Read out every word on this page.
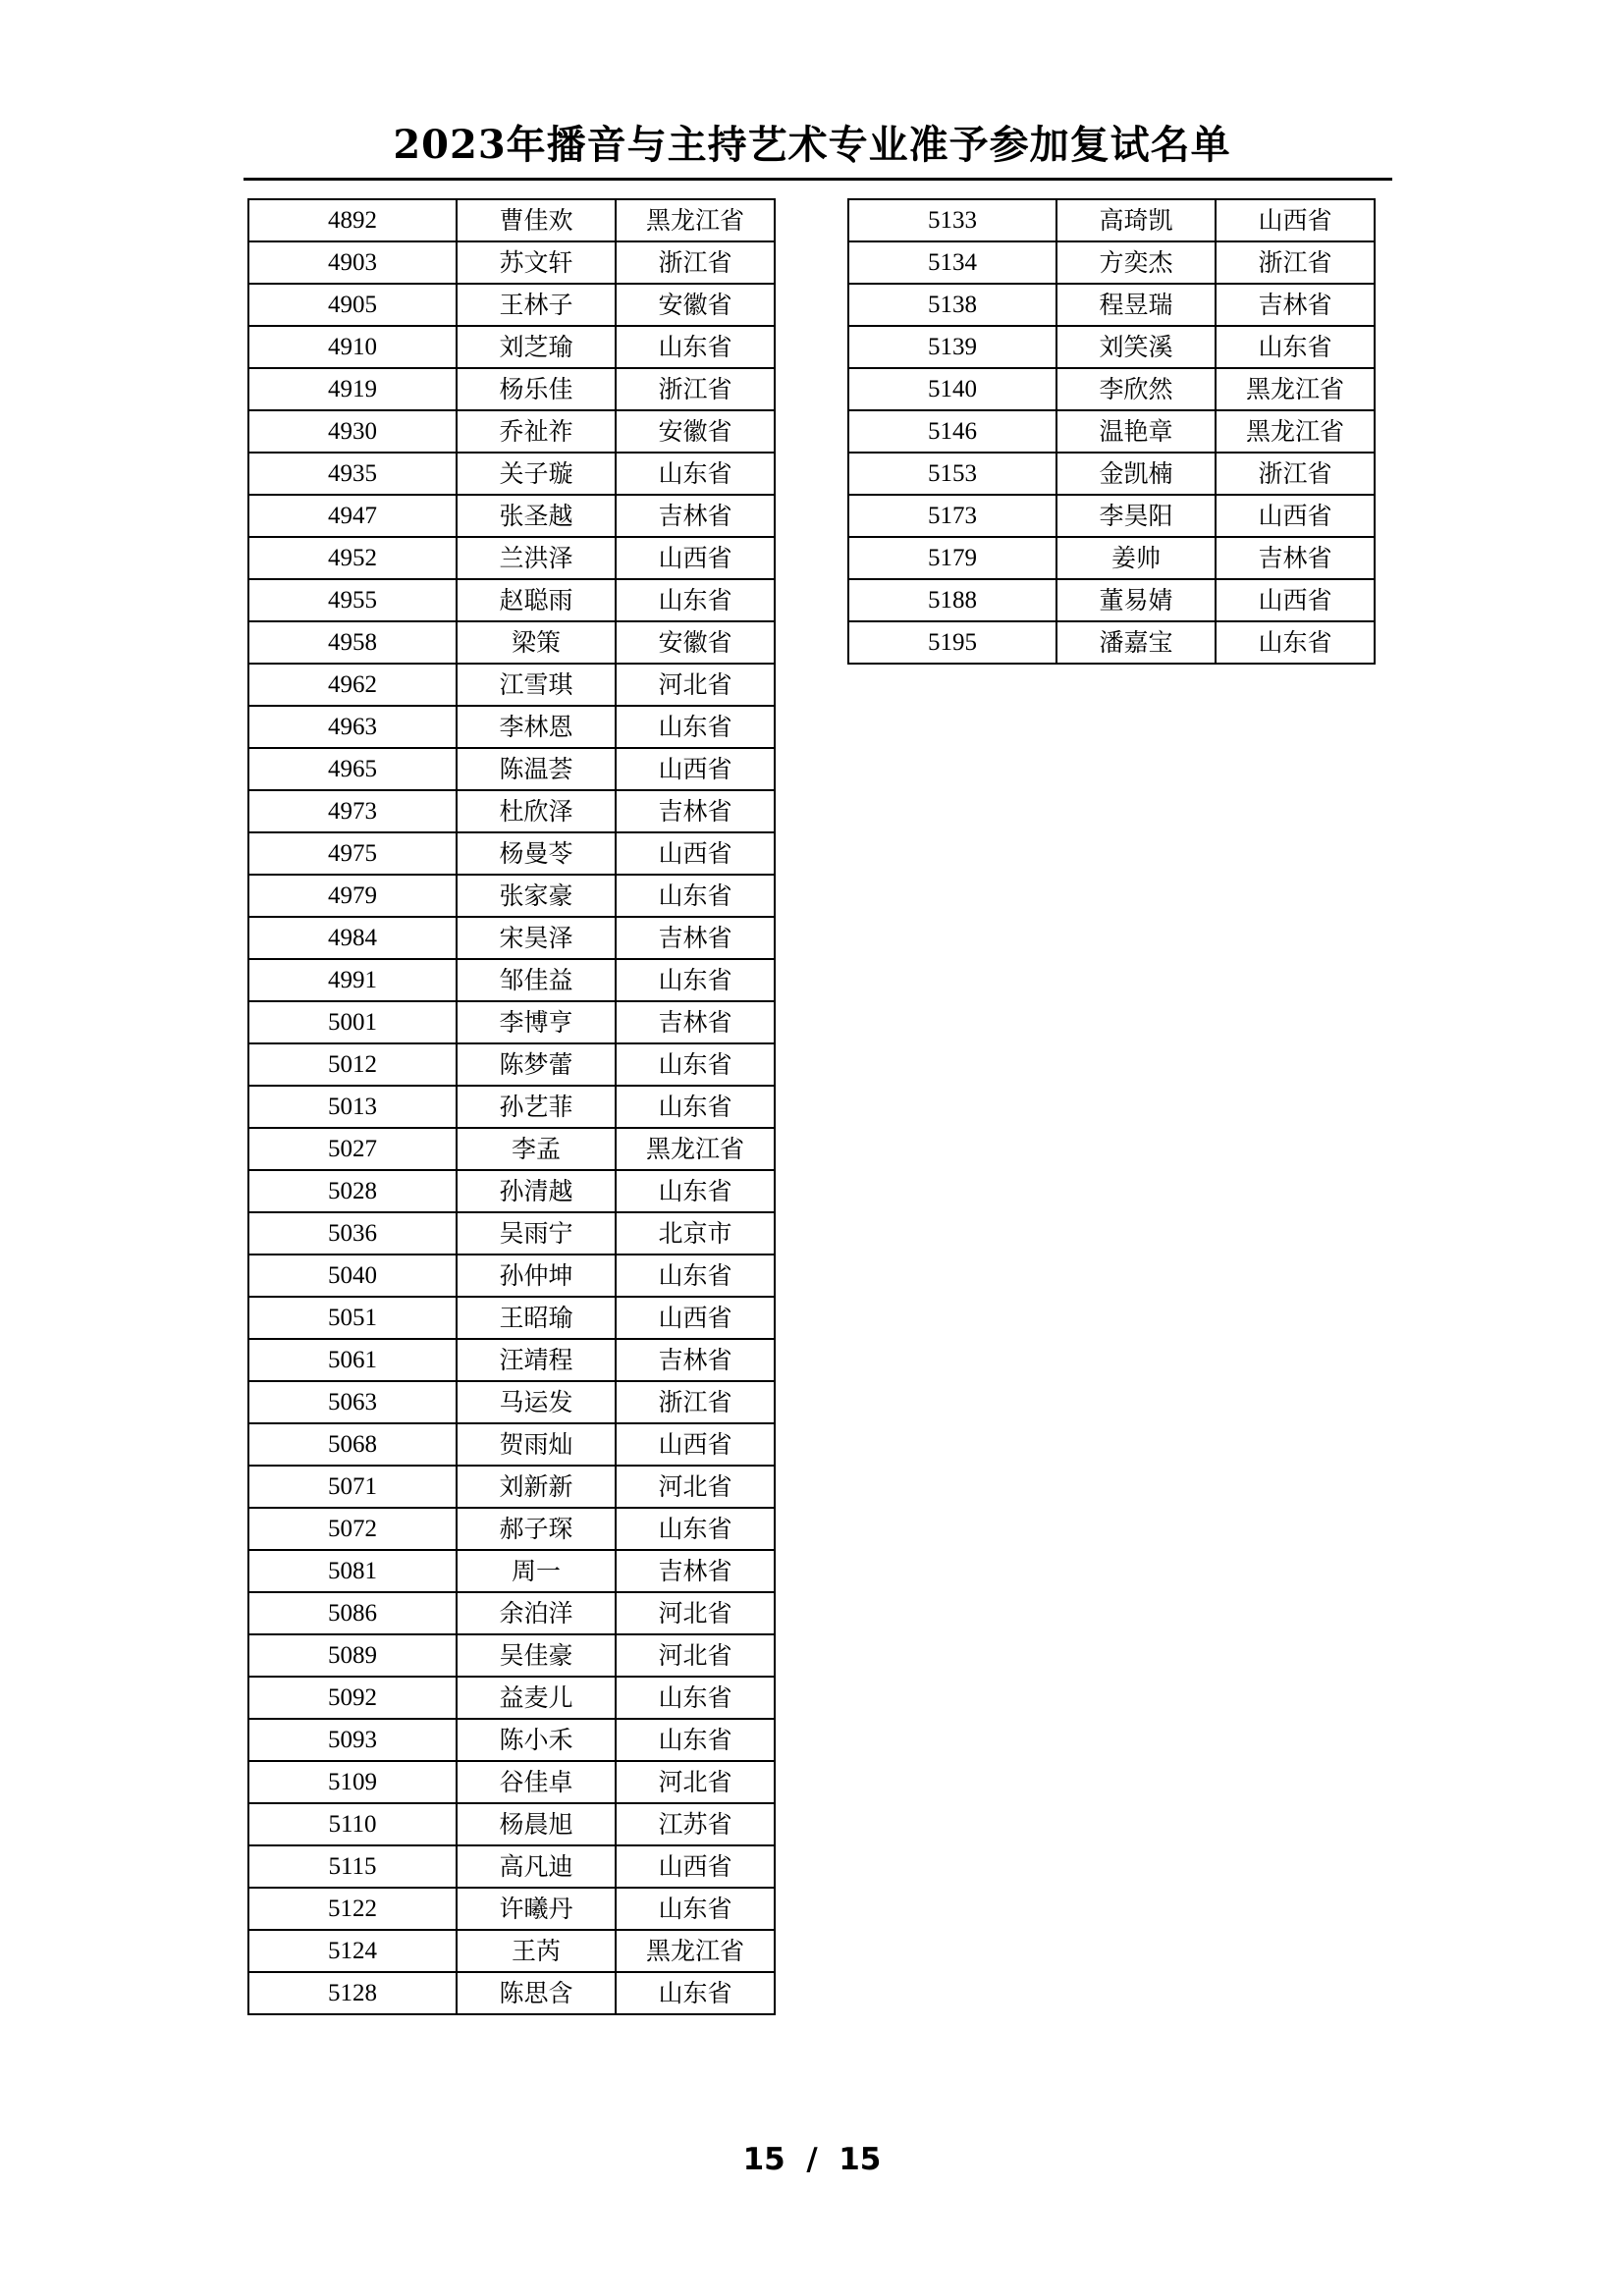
2023年播音与主持艺术专业准予参加复试名单
4892	曹佳欢	黑龙江省
4903	苏文轩	浙江省
4905	王林子	安徽省
4910	刘芝瑜	山东省
4919	杨乐佳	浙江省
4930	乔祉祚	安徽省
4935	关子璇	山东省
4947	张圣越	吉林省
4952	兰洪泽	山西省
4955	赵聪雨	山东省
4958	梁策	安徽省
4962	江雪琪	河北省
4963	李林恩	山东省
4965	陈温荟	山西省
4973	杜欣泽	吉林省
4975	杨曼苓	山西省
4979	张家豪	山东省
4984	宋昊泽	吉林省
4991	邹佳益	山东省
5001	李博亨	吉林省
5012	陈梦蕾	山东省
5013	孙艺菲	山东省
5027	李孟	黑龙江省
5028	孙清越	山东省
5036	吴雨宁	北京市
5040	孙仲坤	山东省
5051	王昭瑜	山西省
5061	汪靖程	吉林省
5063	马运发	浙江省
5068	贺雨灿	山西省
5071	刘新新	河北省
5072	郝子琛	山东省
5081	周一	吉林省
5086	余泊洋	河北省
5089	吴佳豪	河北省
5092	益麦儿	山东省
5093	陈小禾	山东省
5109	谷佳卓	河北省
5110	杨晨旭	江苏省
5115	高凡迪	山西省
5122	许曦丹	山东省
5124	王芮	黑龙江省
5128	陈思含	山东省
5133	高琦凯	山西省
5134	方奕杰	浙江省
5138	程昱瑞	吉林省
5139	刘笑溪	山东省
5140	李欣然	黑龙江省
5146	温艳章	黑龙江省
5153	金凯楠	浙江省
5173	李昊阳	山西省
5179	姜帅	吉林省
5188	董易婧	山西省
5195	潘嘉宝	山东省
15  /  15
